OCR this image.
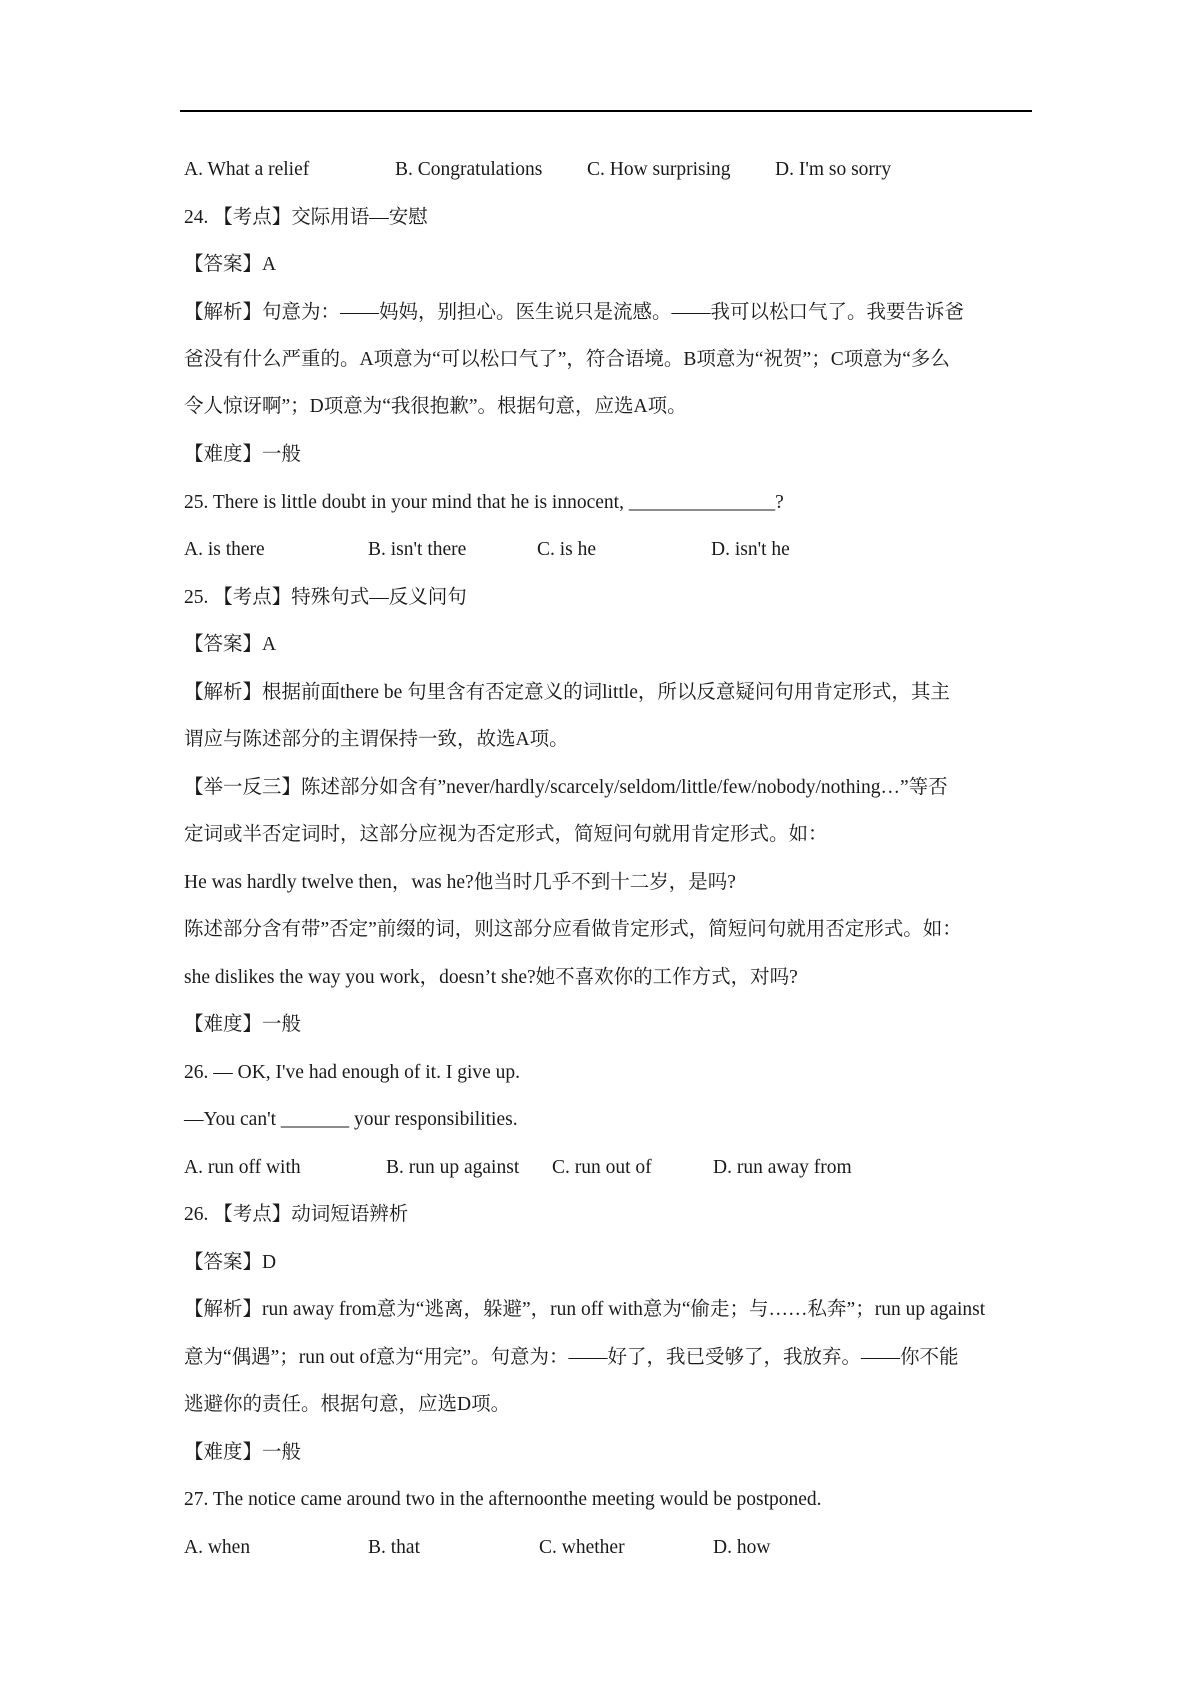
A. What a relief	B. Congratulations C. How surprising D. I'm so sorry
24. 【考点】交际用语—安慰
【答案】A
【解析】句意为：——妈妈，别担心。医生说只是流感。——我可以松口气了。我要告诉爸
爸没有什么严重的。A项意为“可以松口气了”，符合语境。B项意为“祝贺”；C项意为“多么
令人惊讶啊”；D项意为“我很抱歉”。根据句意，应选A项。
【难度】一般
25. There is little doubt in your mind that he is innocent, _______________?
A. is there	B. isn't there	C. is he	D. isn't he
25. 【考点】特殊句式—反义问句
【答案】A
【解析】根据前面there be 句里含有否定意义的词little，所以反意疑问句用肯定形式，其主
谓应与陈述部分的主谓保持一致，故选A项。
【举一反三】陈述部分如含有”never/hardly/scarcely/seldom/little/few/nobody/nothing…”等否
定词或半否定词时，这部分应视为否定形式，简短问句就用肯定形式。如：
He was hardly twelve then，was he?他当时几乎不到十二岁，是吗?
陈述部分含有带”否定”前缀的词，则这部分应看做肯定形式，简短问句就用否定形式。如：
she dislikes the way you work，doesn’t she?她不喜欢你的工作方式，对吗?
【难度】一般
26. — OK, I've had enough of it. I give up.
—You can't _______ your responsibilities.
A. run off with	B. run up against C. run out of	D. run away from
26. 【考点】动词短语辨析
【答案】D
【解析】run away from意为“逃离，躲避”，run off with意为“偷走；与……私奔”；run up against
意为“偶遇”；run out of意为“用完”。句意为：——好了，我已受够了，我放弃。——你不能
逃避你的责任。根据句意，应选D项。
【难度】一般
27. The notice came around two in the afternoonthe meeting would be postponed.
A. when	B. that	C. whether	D. how
